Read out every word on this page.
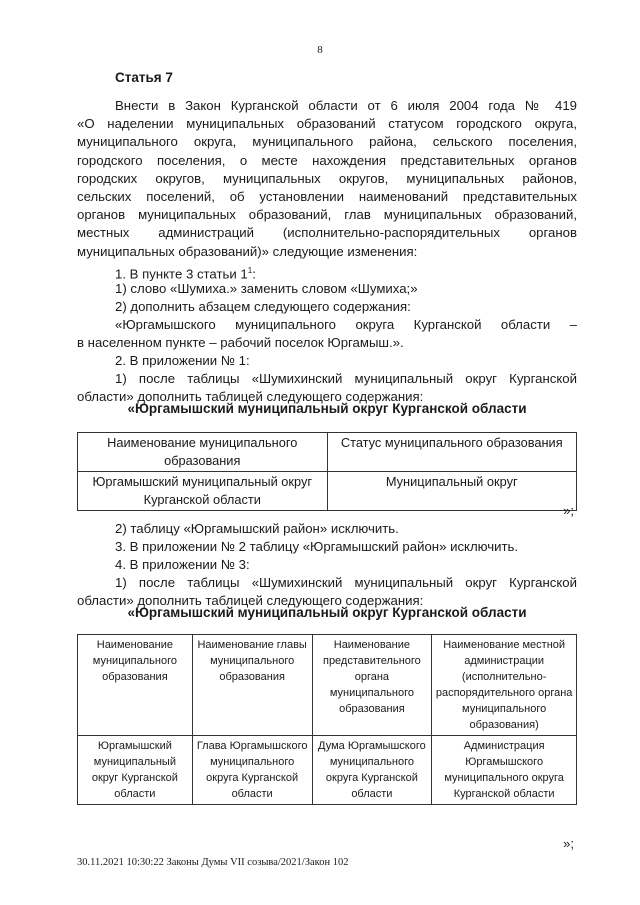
8
Статья 7
Внести в Закон Курганской области от 6 июля 2004 года № 419
«О наделении муниципальных образований статусом городского округа,
муниципального округа, муниципального района, сельского поселения,
городского поселения, о месте нахождения представительных органов
городских округов, муниципальных округов, муниципальных районов,
сельских поселений, об установлении наименований представительных
органов муниципальных образований, глав муниципальных образований,
местных администраций (исполнительно-распорядительных органов
муниципальных образований)» следующие изменения:
1. В пункте 3 статьи $1^1$:
1) слово «Шумиха.» заменить словом «Шумиха;»
2) дополнить абзацем следующего содержания:
«Юргамышского муниципального округа Курганской области –
в населенном пункте – рабочий поселок Юргамыш.».
2. В приложении № 1:
1) после таблицы «Шумихинский муниципальный округ Курганской
области» дополнить таблицей следующего содержания:
«Юргамышский муниципальный округ Курганской области
Наименование муниципального образования	Статус муниципального образования
Юргамышский муниципальный округ Курганской области	Муниципальный округ
»;
2) таблицу «Юргамышский район» исключить.
3. В приложении № 2 таблицу «Юргамышский район» исключить.
4. В приложении № 3:
1) после таблицы «Шумихинский муниципальный округ Курганской
области» дополнить таблицей следующего содержания:
«Юргамышский муниципальный округ Курганской области
Наименование муниципального образования	Наименование главы муниципального образования	Наименование представительного органа муниципального образования	Наименование местной администрации (исполнительно-распорядительного органа муниципального образования)
Юргамышский муниципальный округ Курганской области	Глава Юргамышского муниципального округа Курганской области	Дума Юргамышского муниципального округа Курганской области	Администрация Юргамышского муниципального округа Курганской области
»;
30.11.2021 10:30:22 Законы Думы VII созыва/2021/Закон 102
